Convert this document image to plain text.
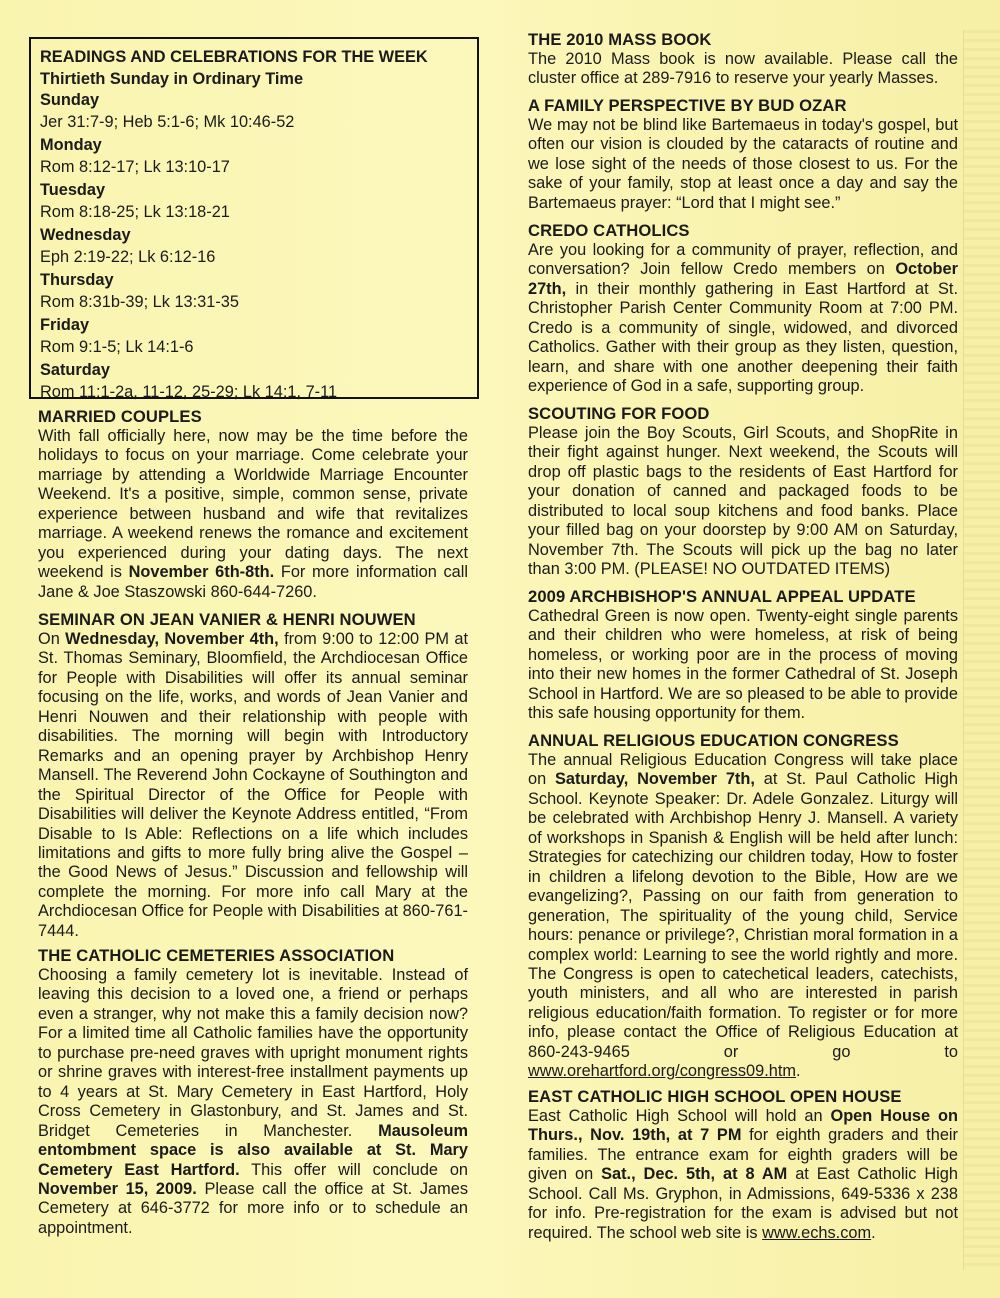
READINGS AND CELEBRATIONS FOR THE WEEK
Thirtieth Sunday in Ordinary Time
Sunday
Jer 31:7-9; Heb 5:1-6; Mk 10:46-52
Monday
Rom 8:12-17; Lk 13:10-17
Tuesday
Rom 8:18-25; Lk 13:18-21
Wednesday
Eph 2:19-22; Lk 6:12-16
Thursday
Rom 8:31b-39; Lk 13:31-35
Friday
Rom 9:1-5; Lk 14:1-6
Saturday
Rom 11:1-2a, 11-12, 25-29; Lk 14:1, 7-11
MARRIED COUPLES

With fall officially here, now may be the time before the holidays to focus on your marriage. Come celebrate your marriage by attending a Worldwide Marriage Encounter Weekend. It's a positive, simple, common sense, private experience between husband and wife that revitalizes marriage. A weekend renews the romance and excitement you experienced during your dating days. The next weekend is November 6th-8th. For more information call Jane & Joe Staszowski 860-644-7260.

SEMINAR ON JEAN VANIER & HENRI NOUWEN

On Wednesday, November 4th, from 9:00 to 12:00 PM at St. Thomas Seminary, Bloomfield, the Archdiocesan Office for People with Disabilities will offer its annual seminar focusing on the life, works, and words of Jean Vanier and Henri Nouwen and their relationship with people with disabilities. The morning will begin with Introductory Remarks and an opening prayer by Archbishop Henry Mansell. The Reverend John Cockayne of Southington and the Spiritual Director of the Office for People with Disabilities will deliver the Keynote Address entitled, “From Disable to Is Able: Reflections on a life which includes limitations and gifts to more fully bring alive the Gospel – the Good News of Jesus.” Discussion and fellowship will complete the morning. For more info call Mary at the Archdiocesan Office for People with Disabilities at 860-761-7444.

THE CATHOLIC CEMETERIES ASSOCIATION

Choosing a family cemetery lot is inevitable. Instead of leaving this decision to a loved one, a friend or perhaps even a stranger, why not make this a family decision now? For a limited time all Catholic families have the opportunity to purchase pre-need graves with upright monument rights or shrine graves with interest-free installment payments up to 4 years at St. Mary Cemetery in East Hartford, Holy Cross Cemetery in Glastonbury, and St. James and St. Bridget Cemeteries in Manchester. Mausoleum entombment space is also available at St. Mary Cemetery East Hartford. This offer will conclude on November 15, 2009. Please call the office at St. James Cemetery at 646-3772 for more info or to schedule an appointment.

THE 2010 MASS BOOK

The 2010 Mass book is now available. Please call the cluster office at 289-7916 to reserve your yearly Masses.

A FAMILY PERSPECTIVE BY BUD OZAR

We may not be blind like Bartemaeus in today's gospel, but often our vision is clouded by the cataracts of routine and we lose sight of the needs of those closest to us. For the sake of your family, stop at least once a day and say the Bartemaeus prayer: “Lord that I might see.”

CREDO CATHOLICS

Are you looking for a community of prayer, reflection, and conversation? Join fellow Credo members on October 27th, in their monthly gathering in East Hartford at St. Christopher Parish Center Community Room at 7:00 PM. Credo is a community of single, widowed, and divorced Catholics. Gather with their group as they listen, question, learn, and share with one another deepening their faith experience of God in a safe, supporting group.

SCOUTING FOR FOOD

Please join the Boy Scouts, Girl Scouts, and ShopRite in their fight against hunger. Next weekend, the Scouts will drop off plastic bags to the residents of East Hartford for your donation of canned and packaged foods to be distributed to local soup kitchens and food banks. Place your filled bag on your doorstep by 9:00 AM on Saturday, November 7th. The Scouts will pick up the bag no later than 3:00 PM. (PLEASE! NO OUTDATED ITEMS)

2009 ARCHBISHOP'S ANNUAL APPEAL UPDATE

Cathedral Green is now open. Twenty-eight single parents and their children who were homeless, at risk of being homeless, or working poor are in the process of moving into their new homes in the former Cathedral of St. Joseph School in Hartford. We are so pleased to be able to provide this safe housing opportunity for them.

ANNUAL RELIGIOUS EDUCATION CONGRESS

The annual Religious Education Congress will take place on Saturday, November 7th, at St. Paul Catholic High School. Keynote Speaker: Dr. Adele Gonzalez. Liturgy will be celebrated with Archbishop Henry J. Mansell. A variety of workshops in Spanish & English will be held after lunch: Strategies for catechizing our children today, How to foster in children a lifelong devotion to the Bible, How are we evangelizing?, Passing on our faith from generation to generation, The spirituality of the young child, Service hours: penance or privilege?, Christian moral formation in a complex world: Learning to see the world rightly and more. The Congress is open to catechetical leaders, catechists, youth ministers, and all who are interested in parish religious education/faith formation. To register or for more info, please contact the Office of Religious Education at 860-243-9465 or go to www.orehartford.org/congress09.htm.

EAST CATHOLIC HIGH SCHOOL OPEN HOUSE

East Catholic High School will hold an Open House on Thurs., Nov. 19th, at 7 PM for eighth graders and their families. The entrance exam for eighth graders will be given on Sat., Dec. 5th, at 8 AM at East Catholic High School. Call Ms. Gryphon, in Admissions, 649-5336 x 238 for info. Pre-registration for the exam is advised but not required. The school web site is www.echs.com.
